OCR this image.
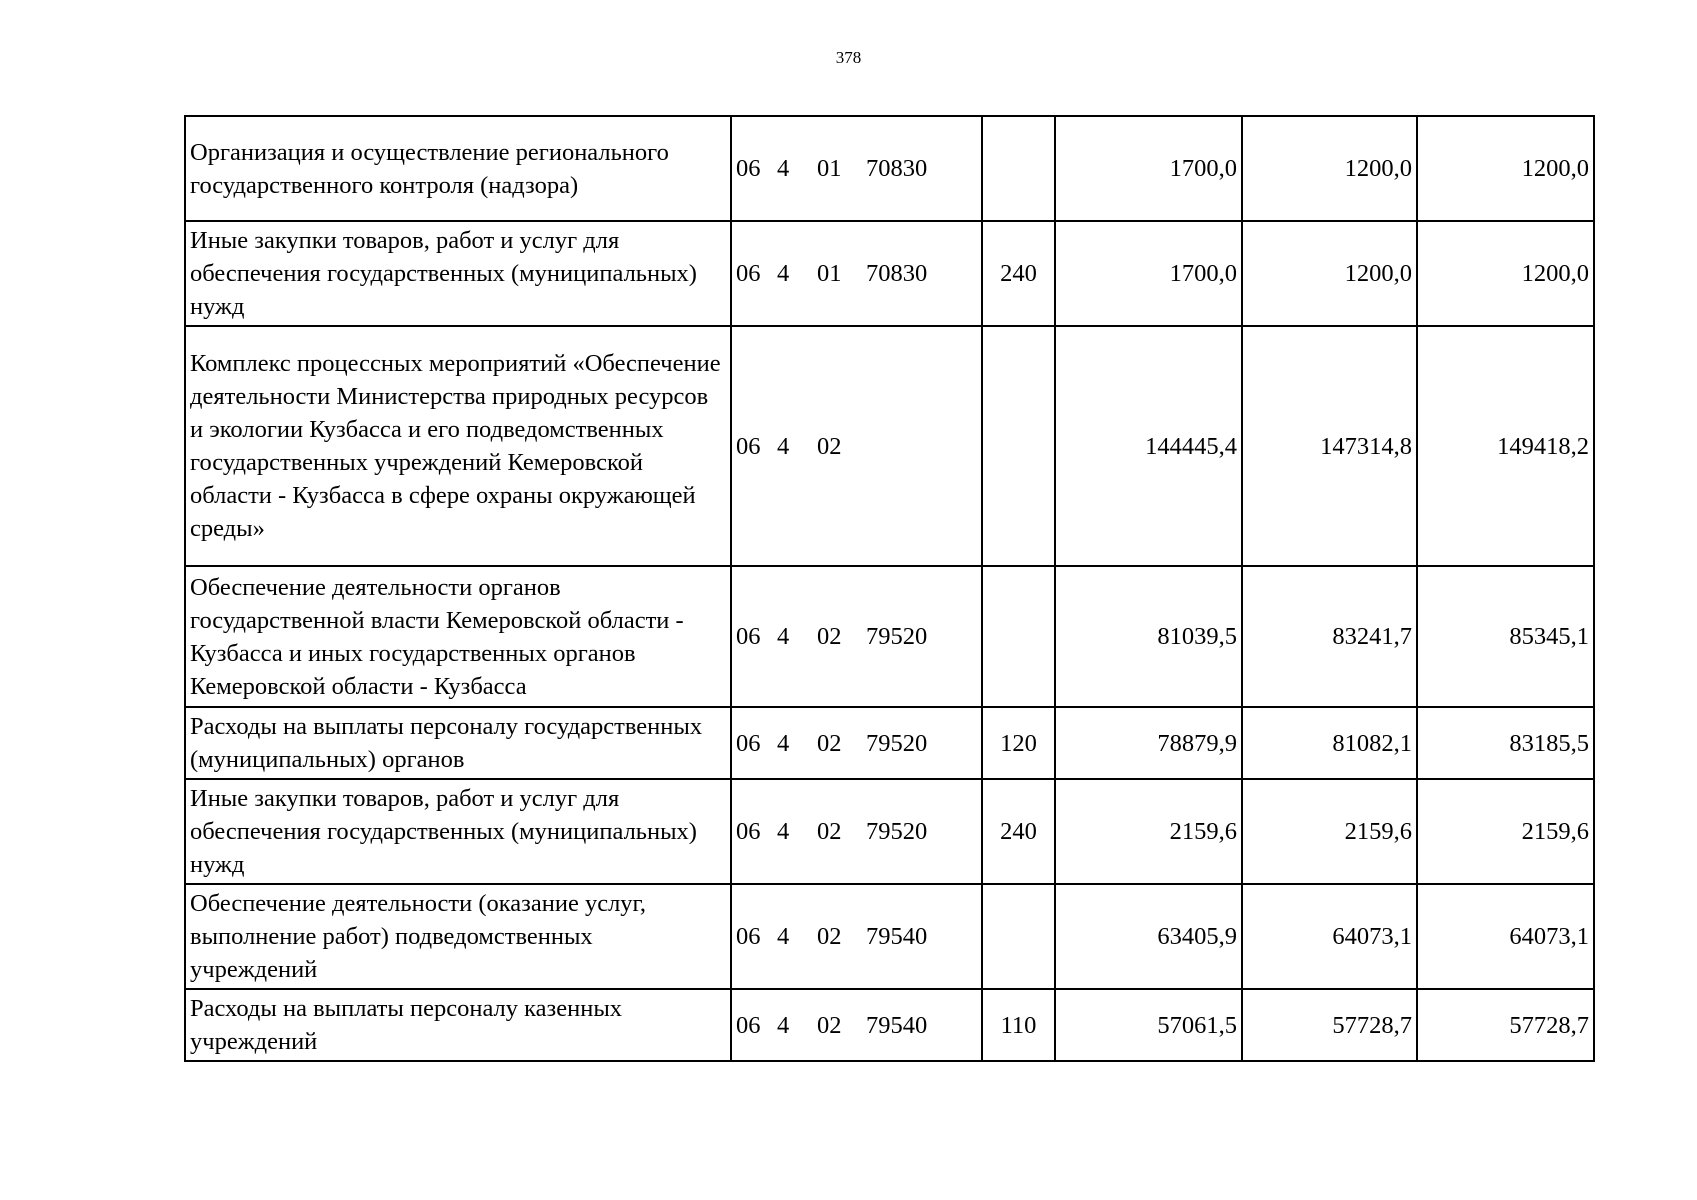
378
Организация и осуществление регионального государственного контроля (надзора)	06 4 01 70830		1700,0	1200,0	1200,0
Иные закупки товаров, работ и услуг для обеспечения государственных (муниципальных) нужд	06 4 01 70830	240	1700,0	1200,0	1200,0
Комплекс процессных мероприятий «Обеспечение деятельности Министерства природных ресурсов и экологии Кузбасса и его подведомственных государственных учреждений Кемеровской области - Кузбасса в сфере охраны окружающей среды»	06 4 02		144445,4	147314,8	149418,2
Обеспечение деятельности органов государственной власти Кемеровской области - Кузбасса и иных государственных органов Кемеровской области - Кузбасса	06 4 02 79520		81039,5	83241,7	85345,1
Расходы на выплаты персоналу государственных (муниципальных) органов	06 4 02 79520	120	78879,9	81082,1	83185,5
Иные закупки товаров, работ и услуг для обеспечения государственных (муниципальных) нужд	06 4 02 79520	240	2159,6	2159,6	2159,6
Обеспечение деятельности (оказание услуг, выполнение работ) подведомственных учреждений	06 4 02 79540		63405,9	64073,1	64073,1
Расходы на выплаты персоналу казенных учреждений	06 4 02 79540	110	57061,5	57728,7	57728,7
